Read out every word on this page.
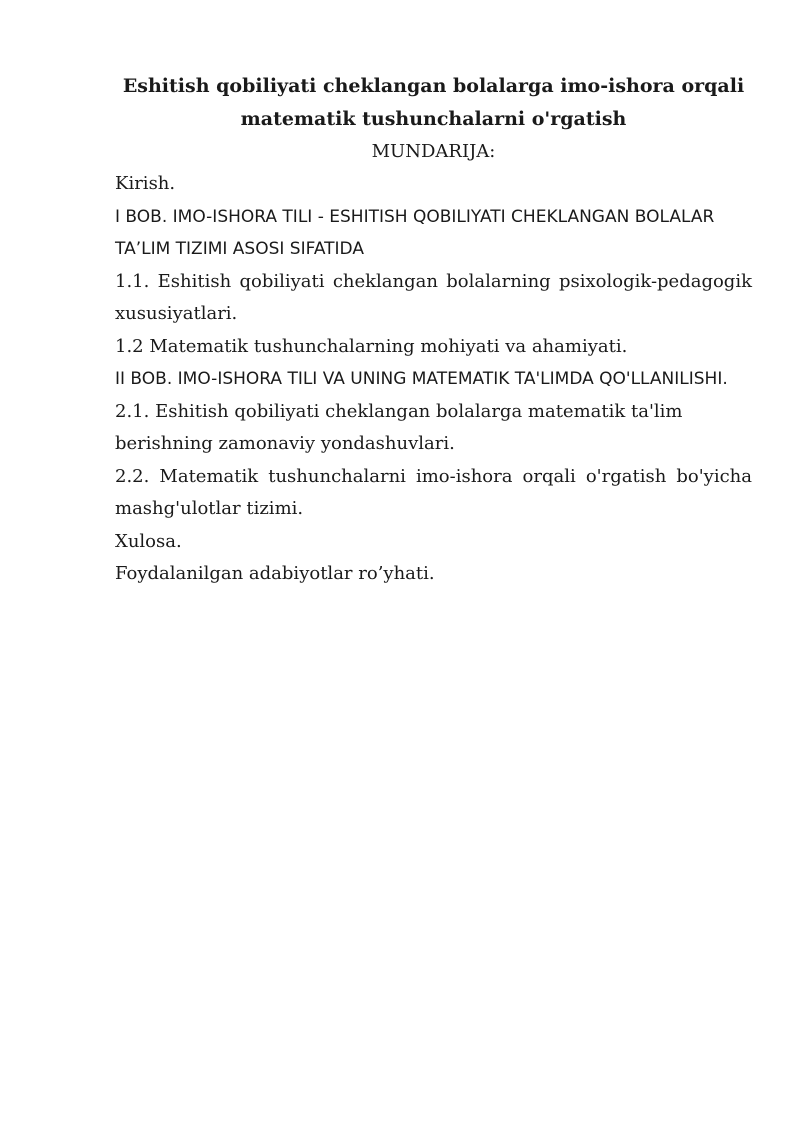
Eshitish qobiliyati cheklangan bolalarga imo-ishora orqali matematik tushunchalarni o'rgatish

MUNDARIJA:

Kirish.

I BOB. IMO-ISHORA TILI - ESHITISH QOBILIYATI CHEKLANGAN BOLALAR TA’LIM TIZIMI ASOSI SIFATIDA

1.1. Eshitish qobiliyati cheklangan bolalarning psixologik-pedagogik xususiyatlari.

1.2 Matematik tushunchalarning mohiyati va ahamiyati.

II BOB. IMO-ISHORA TILI VA UNING MATEMATIK TA'LIMDA QO'LLANILISHI.

2.1. Eshitish qobiliyati cheklangan bolalarga matematik ta'lim berishning zamonaviy yondashuvlari.

2.2. Matematik tushunchalarni imo-ishora orqali o'rgatish bo'yicha mashg'ulotlar tizimi.

Xulosa.

Foydalanilgan adabiyotlar ro’yhati.
